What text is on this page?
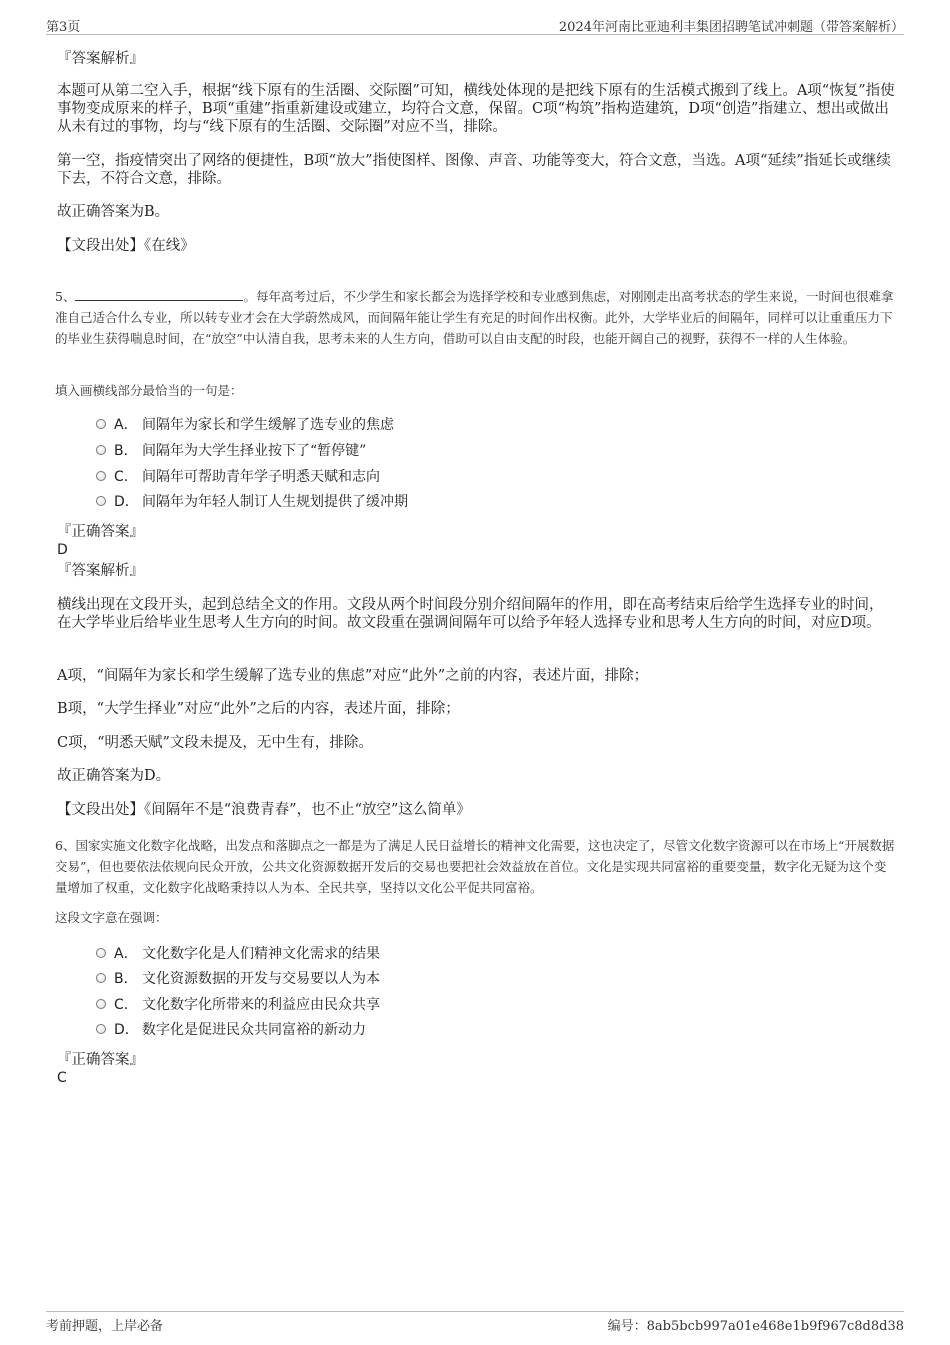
第3页	2024年河南比亚迪利丰集团招聘笔试冲刺题（带答案解析）
『答案解析』
本题可从第二空入手，根据“线下原有的生活圈、交际圈”可知，横线处体现的是把线下原有的生活模式搬到了线上。A项“恢复”指使事物变成原来的样子，B项“重建”指重新建设或建立，均符合文意，保留。C项“构筑”指构造建筑，D项“创造”指建立、想出或做出从未有过的事物，均与“线下原有的生活圈、交际圈”对应不当，排除。
第一空，指疫情突出了网络的便捷性，B项“放大”指使图样、图像、声音、功能等变大，符合文意，当选。A项“延续”指延长或继续下去，不符合文意，排除。
故正确答案为B。
【文段出处】《在线》
5、	。每年高考过后，不少学生和家长都会为选择学校和专业感到焦虑，对刚刚走出高考状态的学生来说，一时间也很难拿准自己适合什么专业，所以转专业才会在大学蔚然成风，而间隔年能让学生有充足的时间作出权衡。此外，大学毕业后的间隔年，同样可以让重重压力下的毕业生获得喘息时间，在“放空”中认清自我，思考未来的人生方向，借助可以自由支配的时段，也能开阔自己的视野，获得不一样的人生体验。
填入画横线部分最恰当的一句是：
A． 间隔年为家长和学生缓解了选专业的焦虑
B． 间隔年为大学生择业按下了“暂停键”
C． 间隔年可帮助青年学子明悉天赋和志向
D． 间隔年为年轻人制订人生规划提供了缓冲期
『正确答案』
D
『答案解析』
横线出现在文段开头，起到总结全文的作用。文段从两个时间段分别介绍间隔年的作用，即在高考结束后给学生选择专业的时间，在大学毕业后给毕业生思考人生方向的时间。故文段重在强调间隔年可以给予年轻人选择专业和思考人生方向的时间，对应D项。
A项，“间隔年为家长和学生缓解了选专业的焦虑”对应“此外”之前的内容，表述片面，排除；
B项，“大学生择业”对应“此外”之后的内容，表述片面，排除；
C项，“明悉天赋”文段未提及，无中生有，排除。
故正确答案为D。
【文段出处】《间隔年不是“浪费青春”，也不止“放空”这么简单》
6、国家实施文化数字化战略，出发点和落脚点之一都是为了满足人民日益增长的精神文化需要，这也决定了，尽管文化数字资源可以在市场上“开展数据交易”，但也要依法依规向民众开放，公共文化资源数据开发后的交易也要把社会效益放在首位。文化是实现共同富裕的重要变量，数字化无疑为这个变量增加了权重，文化数字化战略秉持以人为本、全民共享，坚持以文化公平促共同富裕。
这段文字意在强调：
A． 文化数字化是人们精神文化需求的结果
B． 文化资源数据的开发与交易要以人为本
C． 文化数字化所带来的利益应由民众共享
D． 数字化是促进民众共同富裕的新动力
『正确答案』
C
考前押题，上岸必备	编号：8ab5bcb997a01e468e1b9f967c8d8d38
